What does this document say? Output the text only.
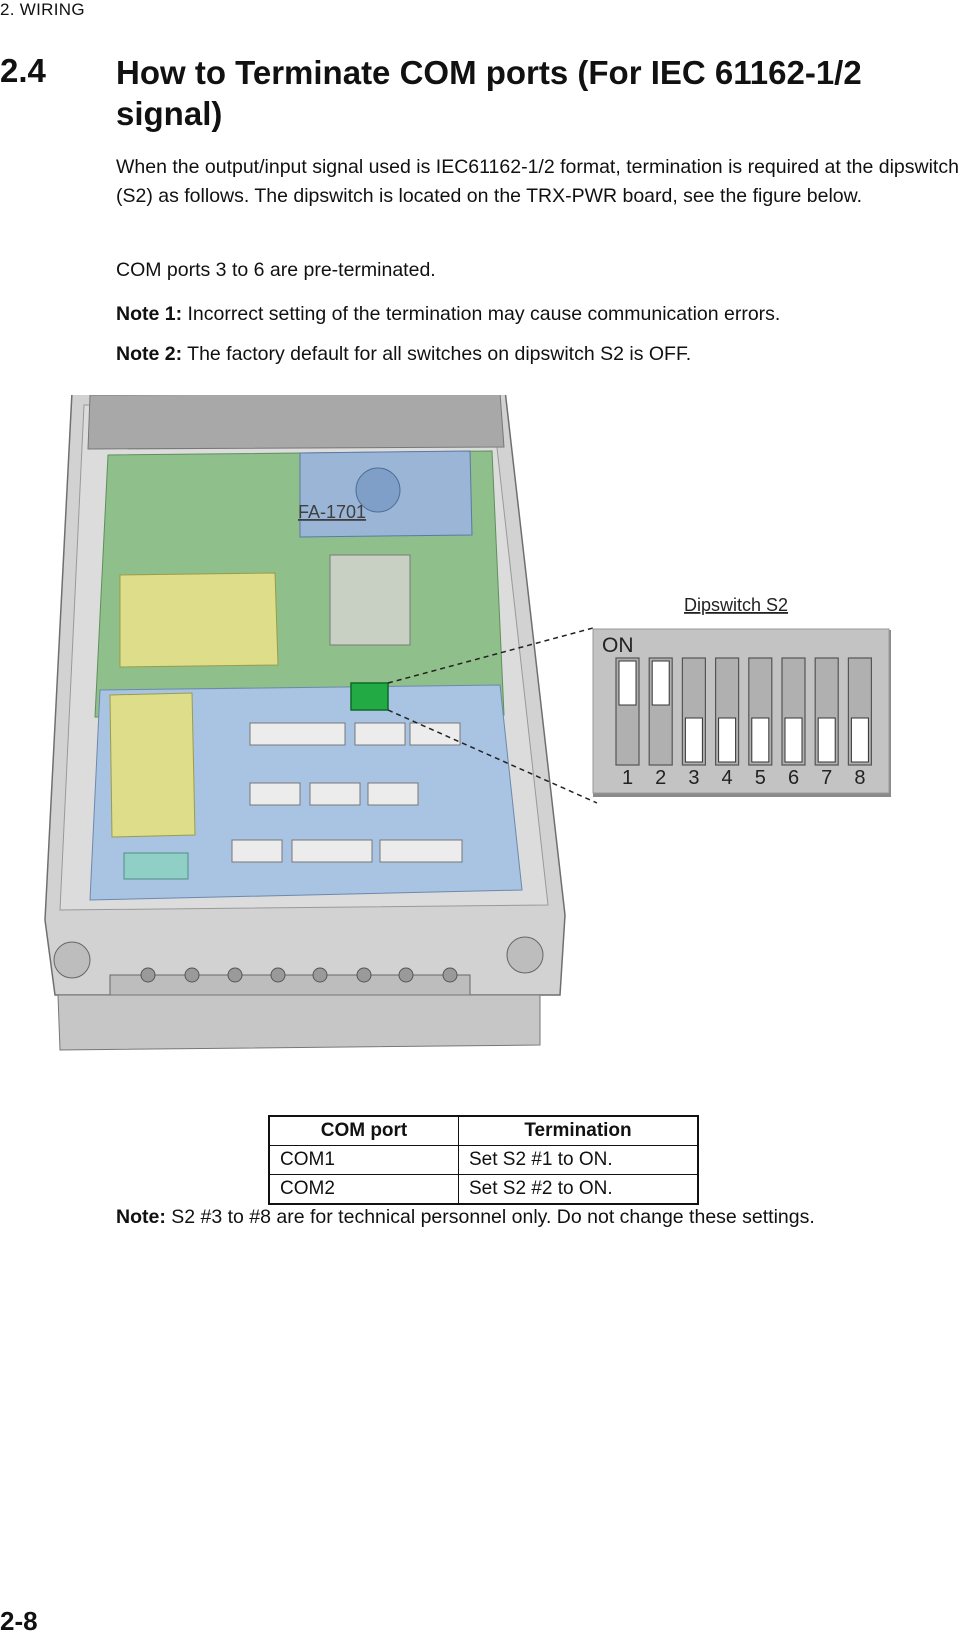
2. WIRING
2.4 How to Terminate COM ports (For IEC 61162-1/2 signal)
When the output/input signal used is IEC61162-1/2 format, termination is required at the dipswitch (S2) as follows. The dipswitch is located on the TRX-PWR board, see the figure below.
COM ports 3 to 6 are pre-terminated.
Note 1: Incorrect setting of the termination may cause communication errors.
Note 2: The factory default for all switches on dipswitch S2 is OFF.
FA-1701
Dipswitch S2
ON
1 2 3 4 5 6 7 8
COM port	Termination
COM1	Set S2 #1 to ON.
COM2	Set S2 #2 to ON.
Note: S2 #3 to #8 are for technical personnel only. Do not change these settings.
2-8
